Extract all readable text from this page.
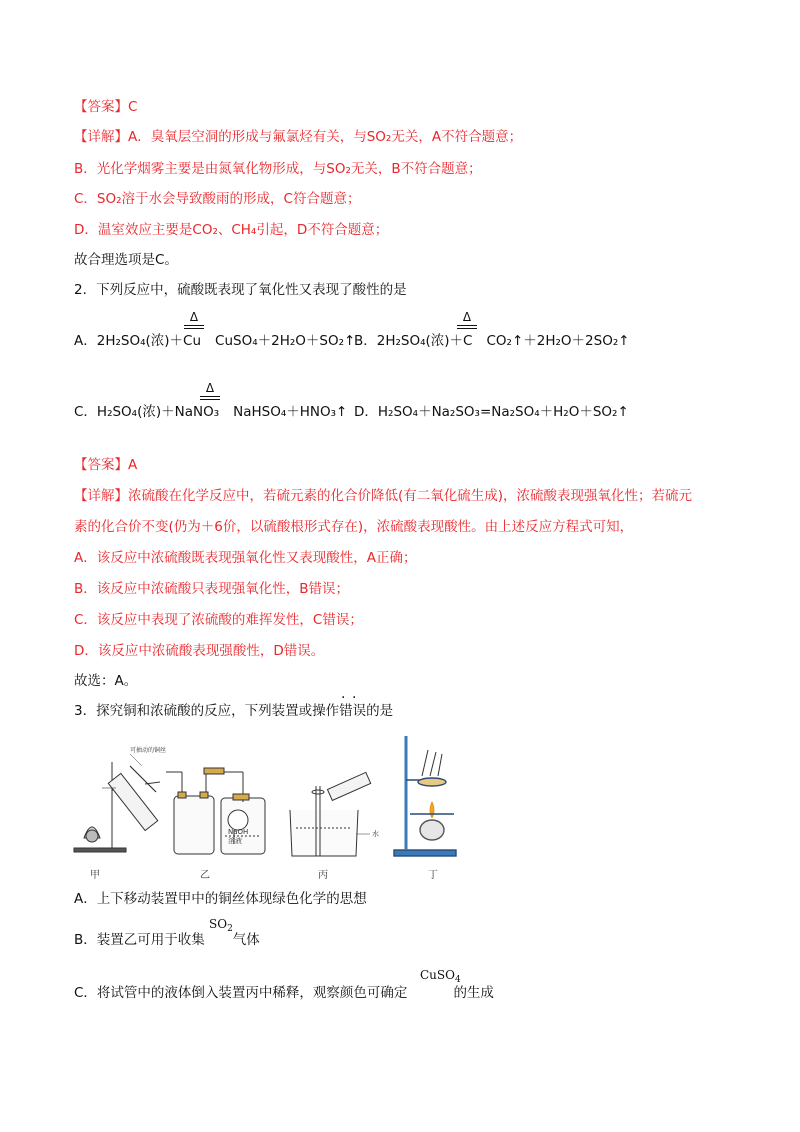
【答案】C
【详解】A．臭氧层空洞的形成与氟氯烃有关，与SO₂无关，A不符合题意；
B．光化学烟雾主要是由氮氧化物形成，与SO₂无关，B不符合题意；
C．SO₂溶于水会导致酸雨的形成，C符合题意；
D．温室效应主要是CO₂、CH₄引起，D不符合题意；
故合理选项是C。
2．下列反应中，硫酸既表现了氧化性又表现了酸性的是
Δ
A．2H₂SO₄(浓)＋Cu CuSO₄＋2H₂O＋SO₂↑
Δ
B．2H₂SO₄(浓)＋C CO₂↑＋2H₂O＋2SO₂↑
Δ
C．H₂SO₄(浓)＋NaNO₃ NaHSO₄＋HNO₃↑ D．H₂SO₄＋Na₂SO₃=Na₂SO₄＋H₂O＋SO₂↑
【答案】A
【详解】浓硫酸在化学反应中，若硫元素的化合价降低(有二氧化硫生成)，浓硫酸表现强氧化性；若硫元
素的化合价不变(仍为＋6价，以硫酸根形式存在)，浓硫酸表现酸性。由上述反应方程式可知，
A．该反应中浓硫酸既表现强氧化性又表现酸性，A正确；
B．该反应中浓硫酸只表现强氧化性，B错误；
C．该反应中表现了浓硫酸的难挥发性，C错误；
D．该反应中浓硫酸表现强酸性，D错误。
故选：A。
· ·
3．探究铜和浓硫酸的反应，下列装置或操作错误的是
可抽动的铜丝
NaOH
溶液
水
甲	乙	丙	丁
A．上下移动装置甲中的铜丝体现绿色化学的思想
$SO_2$
B．装置乙可用于收集 气体
CuSO$_4$
C．将试管中的液体倒入装置丙中稀释，观察颜色可确定	的生成
